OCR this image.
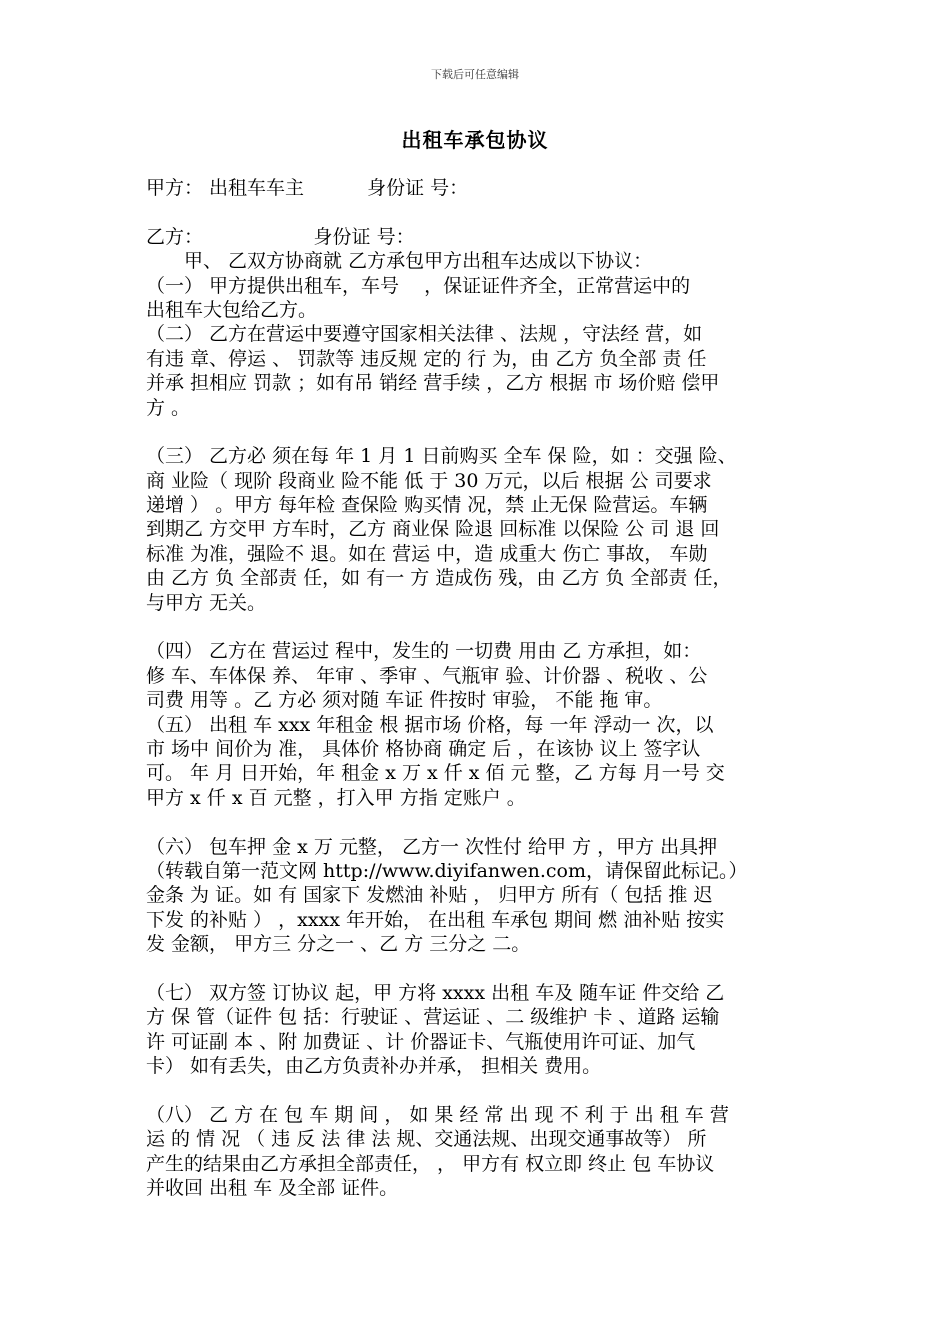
下载后可任意编辑
出租车承包协议
甲方： 出租车车主　　　 身份证 号：
乙方：　　　　　　 身份证 号：
　　甲、 乙双方协商就 乙方承包甲方出租车达成以下协议：
（一） 甲方提供出租车，车号　 ，保证证件齐全，正常营运中的
出租车大包给乙方。
（二） 乙方在营运中要遵守国家相关法律 、法规 ，守法经 营，如
有违 章、停运 、 罚款等 违反规 定的 行 为，由 乙方 负全部 责 任
并承 担相应 罚款 ；如有吊 销经 营手续 ，乙方 根据 市 场价赔 偿甲
方 。
（三） 乙方必 须在每 年 1 月 1 日前购买 全车 保 险，如 ：交强 险、
商 业险（ 现阶 段商业 险不能 低 于 30 万元，以后 根据 公 司要求
递增 ） 。甲方 每年检 查保险 购买情 况，禁 止无保 险营运。车辆
到期乙 方交甲 方车时，乙方 商业保 险退 回标准 以保险 公 司 退 回
标准 为准，强险不 退。如在 营运 中，造 成重大 伤亡 事故， 车勋
由 乙方 负 全部责 任，如 有一 方 造成伤 残，由 乙方 负 全部责 任，
与甲方 无关。
（四） 乙方在 营运过 程中，发生的 一切费 用由 乙 方承担，如：
修 车、车体保 养、 年审 、季审 、气瓶审 验、计价器 、税收 、公
司费 用等 。乙 方必 须对随 车证 件按时 审验， 不能 拖 审。
（五） 出租 车 xxx 年租金 根 据市场 价格，每 一年 浮动一 次，以
市 场中 间价为 准， 具体价 格协商 确定 后 ，在该协 议上 签字认
可。 年 月 日开始，年 租金 x 万 x 仟 x 佰 元 整，乙 方每 月一号 交
甲方 x 仟 x 百 元整 ，打入甲 方指 定账户 。
（六） 包车押 金 x 万 元整， 乙方一 次性付 给甲 方 ，甲方 出具押
（转载自第一范文网 http://www.diyifanwen.com，请保留此标记。）
金条 为 证。如 有 国家下 发燃油 补贴 ， 归甲方 所有（ 包括 推 迟
下发 的补贴 ） ，xxxx 年开始， 在出租 车承包 期间 燃 油补贴 按实
发 金额， 甲方三 分之一 、乙 方 三分之 二。
（七） 双方签 订协议 起，甲 方将 xxxx 出租 车及 随车证 件交给 乙
方 保 管（证件 包 括：行驶证 、营运证 、二 级维护 卡 、道路 运输
许 可证副 本 、附 加费证 、计 价器证卡、气瓶使用许可证、加气
卡） 如有丢失，由乙方负责补办并承， 担相关 费用。
（八） 乙 方 在 包 车 期 间 ， 如 果 经 常 出 现 不 利 于 出 租 车 营
运 的 情 况 （ 违 反 法 律 法 规、交通法规、出现交通事故等） 所
产生的结果由乙方承担全部责任， ， 甲方有 权立即 终止 包 车协议
并收回 出租 车 及全部 证件。
